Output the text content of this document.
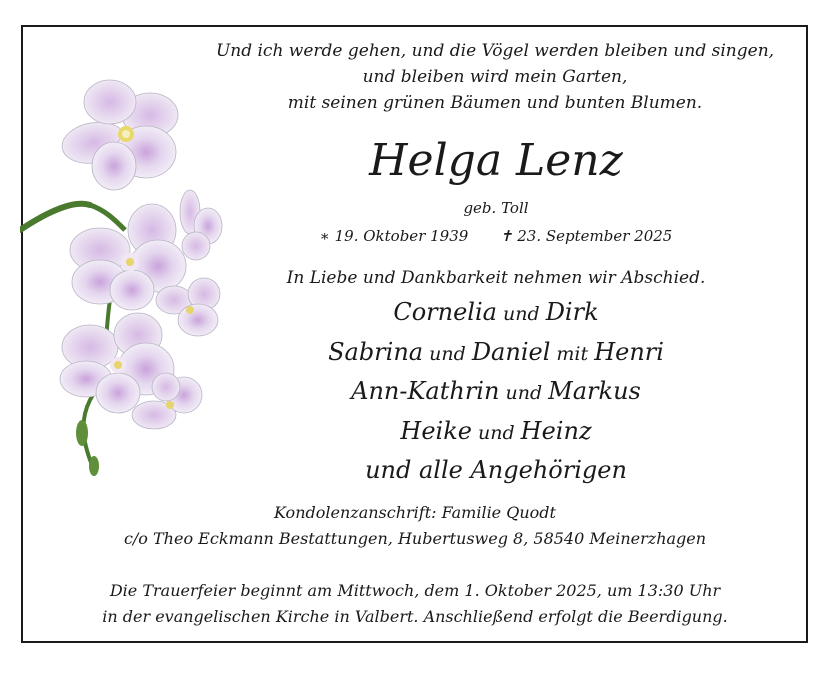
Und ich werde gehen, und die Vögel werden bleiben und singen,
und bleiben wird mein Garten,
mit seinen grünen Bäumen und bunten Blumen.
Helga Lenz
geb. Toll
∗ 19. Oktober 1939 ✝ 23. September 2025
In Liebe und Dankbarkeit nehmen wir Abschied.
Cornelia und Dirk
Sabrina und Daniel mit Henri
Ann-Kathrin und Markus
Heike und Heinz
und alle Angehörigen
Kondolenzanschrift: Familie Quodt
c/o Theo Eckmann Bestattungen, Hubertusweg 8, 58540 Meinerzhagen
Die Trauerfeier beginnt am Mittwoch, dem 1. Oktober 2025, um 13:30 Uhr
in der evangelischen Kirche in Valbert. Anschließend erfolgt die Beerdigung.
